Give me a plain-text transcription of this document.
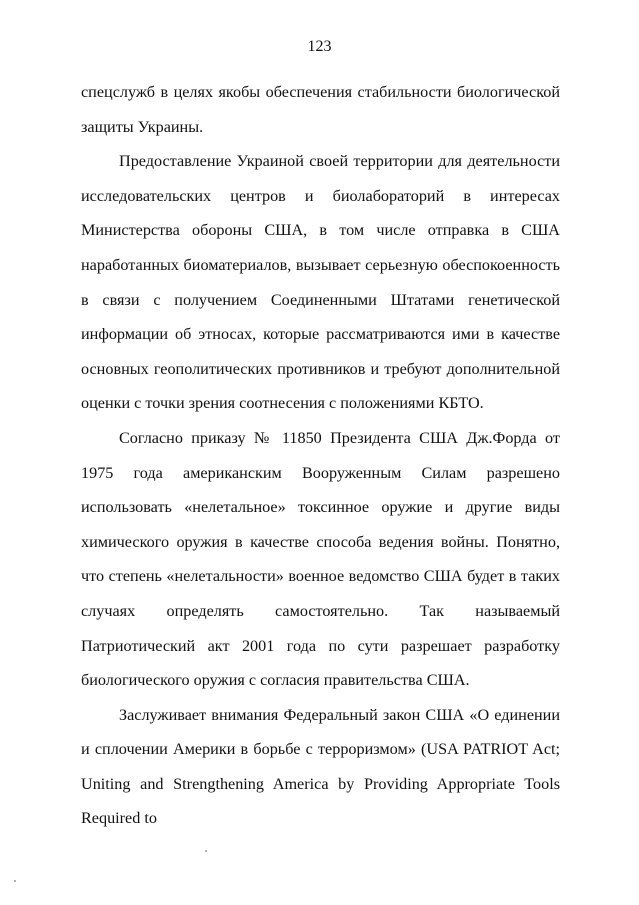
123

спецслужб в целях якобы обеспечения стабильности биологической защиты Украины.

Предоставление Украиной своей территории для деятельности исследовательских центров и биолабораторий в интересах Министерства обороны США, в том числе отправка в США наработанных биоматериалов, вызывает серьезную обеспокоенность в связи с получением Соединенными Штатами генетической информации об этносах, которые рассматриваются ими в качестве основных геополитических противников и требуют дополнительной оценки с точки зрения соотнесения с положениями КБТО.

Согласно приказу № 11850 Президента США Дж.Форда от 1975 года американским Вооруженным Силам разрешено использовать «нелетальное» токсинное оружие и другие виды химического оружия в качестве способа ведения войны. Понятно, что степень «нелетальности» военное ведомство США будет в таких случаях определять самостоятельно. Так называемый Патриотический акт 2001 года по сути разрешает разработку биологического оружия с согласия правительства США.

Заслуживает внимания Федеральный закон США «О единении и сплочении Америки в борьбе с терроризмом» (USA PATRIOT Act; Uniting and Strengthening America by Providing Appropriate Tools Required to
